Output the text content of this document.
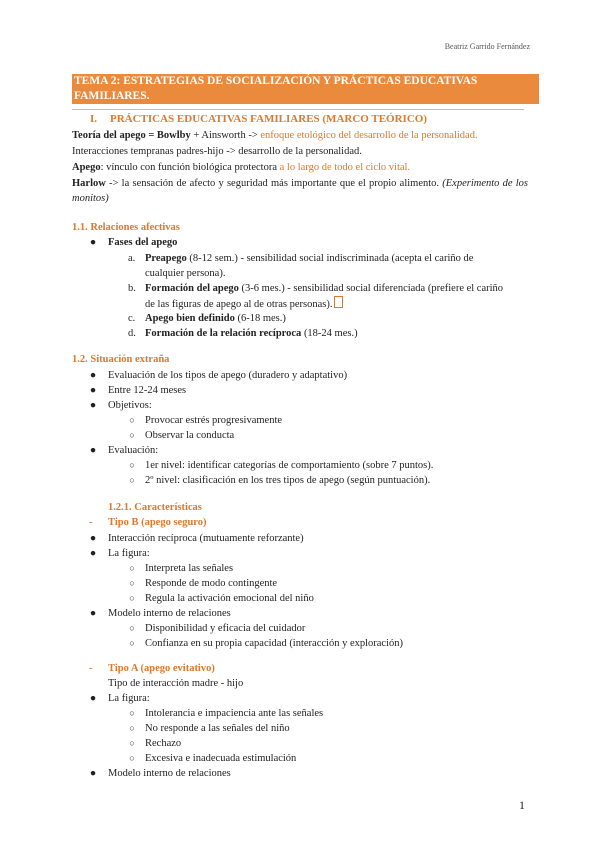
Beatriz Garrido Fernández
TEMA 2: ESTRATEGIAS DE SOCIALIZACIÓN Y PRÁCTICAS EDUCATIVAS FAMILIARES.
I. PRÁCTICAS EDUCATIVAS FAMILIARES (MARCO TEÓRICO)
Teoría del apego = Bowlby + Ainsworth -> enfoque etológico del desarrollo de la personalidad.
Interacciones tempranas padres-hijo -> desarrollo de la personalidad.
Apego: vínculo con función biológica protectora a lo largo de todo el ciclo vital.
Harlow -> la sensación de afecto y seguridad más importante que el propio alimento. (Experimento de los monitos)
1.1. Relaciones afectivas
● Fases del apego
a. Preapego (8-12 sem.) - sensibilidad social indiscriminada (acepta el cariño de
cualquier persona).
b. Formación del apego (3-6 mes.) - sensibilidad social diferenciada (prefiere el cariño
de las figuras de apego al de otras personas).
c. Apego bien definido (6-18 mes.)
d. Formación de la relación recíproca (18-24 mes.)
1.2. Situación extraña
● Evaluación de los tipos de apego (duradero y adaptativo)
● Entre 12-24 meses
● Objetivos:
○ Provocar estrés progresivamente
○ Observar la conducta
● Evaluación:
○ 1er nivel: identificar categorías de comportamiento (sobre 7 puntos).
○ 2º nivel: clasificación en los tres tipos de apego (según puntuación).
1.2.1. Características
- Tipo B (apego seguro)
● Interacción recíproca (mutuamente reforzante)
● La figura:
○ Interpreta las señales
○ Responde de modo contingente
○ Regula la activación emocional del niño
● Modelo interno de relaciones
○ Disponibilidad y eficacia del cuidador
○ Confianza en su propia capacidad (interacción y exploración)
- Tipo A (apego evitativo)
Tipo de interacción madre - hijo
● La figura:
○ Intolerancia e impaciencia ante las señales
○ No responde a las señales del niño
○ Rechazo
○ Excesiva e inadecuada estimulación
● Modelo interno de relaciones
1
